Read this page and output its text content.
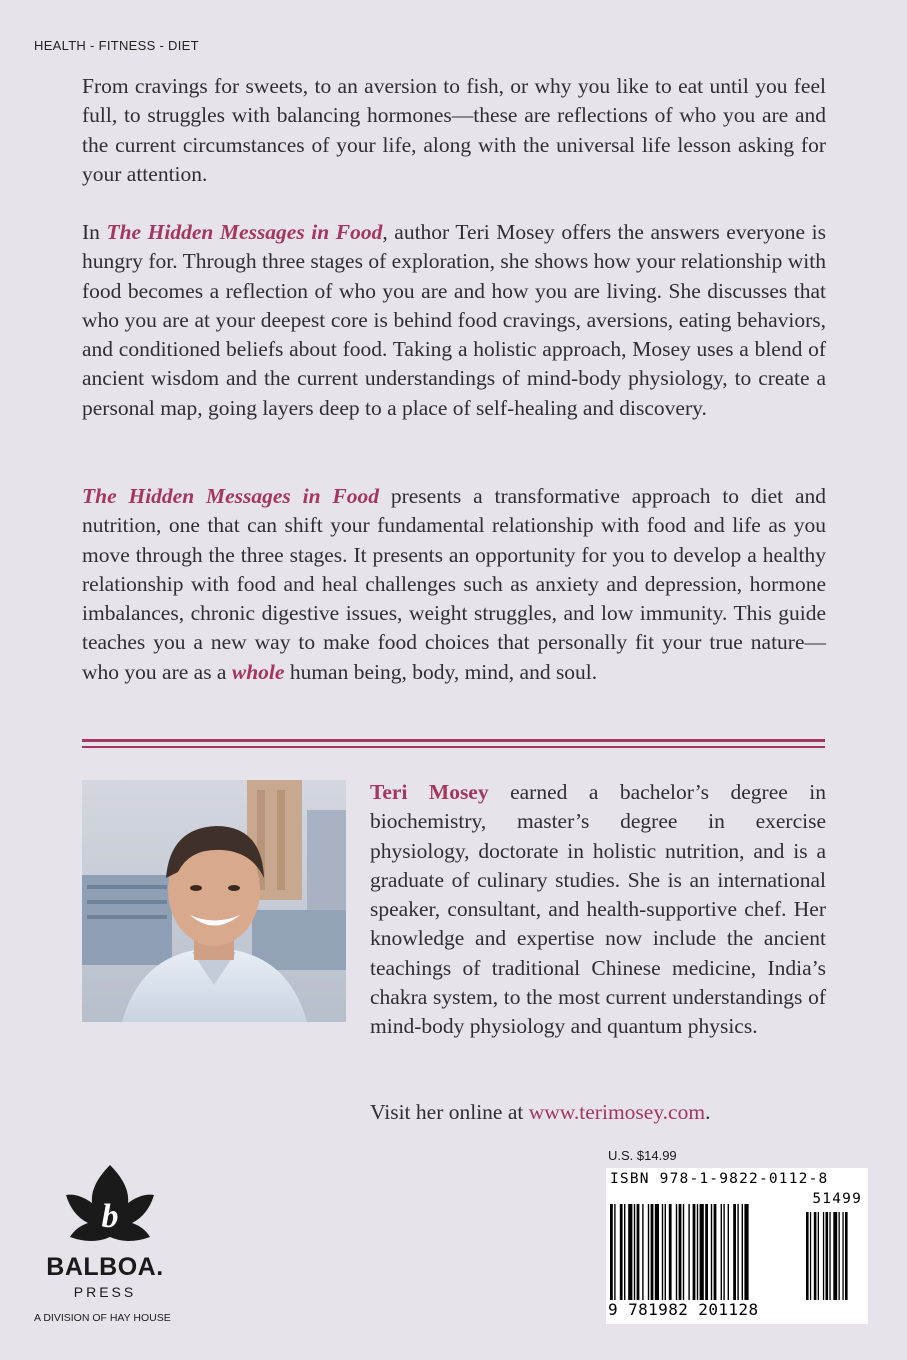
HEALTH - FITNESS - DIET

From cravings for sweets, to an aversion to fish, or why you like to eat until you feel full, to struggles with balancing hormones—these are reflections of who you are and the current circumstances of your life, along with the universal life lesson asking for your attention.

In The Hidden Messages in Food, author Teri Mosey offers the answers everyone is hungry for. Through three stages of exploration, she shows how your relationship with food becomes a reflection of who you are and how you are living. She discusses that who you are at your deepest core is behind food cravings, aversions, eating behaviors, and conditioned beliefs about food. Taking a holistic approach, Mosey uses a blend of ancient wisdom and the current understandings of mind-body physiology, to create a personal map, going layers deep to a place of self-healing and discovery.

The Hidden Messages in Food presents a transformative approach to diet and nutrition, one that can shift your fundamental relationship with food and life as you move through the three stages. It presents an opportunity for you to develop a healthy relationship with food and heal challenges such as anxiety and depression, hormone imbalances, chronic digestive issues, weight struggles, and low immunity. This guide teaches you a new way to make food choices that personally fit your true nature—who you are as a whole human being, body, mind, and soul.

Teri Mosey earned a bachelor’s degree in biochemistry, master’s degree in exercise physiology, doctorate in holistic nutrition, and is a graduate of culinary studies. She is an international speaker, consultant, and health-supportive chef. Her knowledge and expertise now include the ancient teachings of traditional Chinese medicine, India’s chakra system, to the most current understandings of mind-body physiology and quantum physics.

Visit her online at www.terimosey.com.

b
BALBOA.
PRESS
A DIVISION OF HAY HOUSE
U.S. $14.99
ISBN 978-1-9822-0112-8
51499
9 781982 201128
